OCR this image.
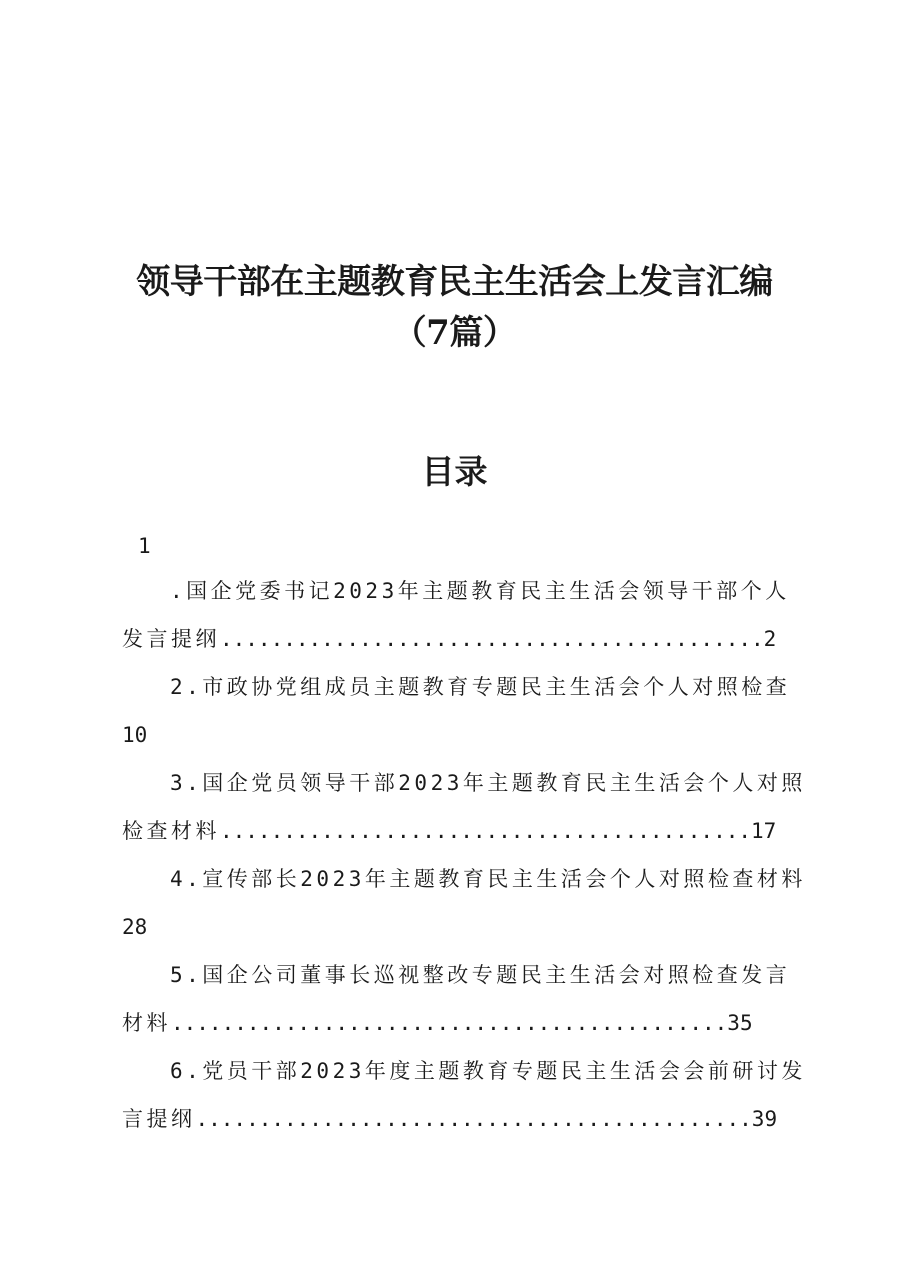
领导干部在主题教育民主生活会上发言汇编
（7篇）
目录
1
.国企党委书记2023年主题教育民主生活会领导干部个人
发言提纲...........................................2
2.市政协党组成员主题教育专题民主生活会个人对照检查
10
3.国企党员领导干部2023年主题教育民主生活会个人对照
检查材料..........................................17
4.宣传部长2023年主题教育民主生活会个人对照检查材料
28
5.国企公司董事长巡视整改专题民主生活会对照检查发言
材料............................................35
6.党员干部2023年度主题教育专题民主生活会会前研讨发
言提纲............................................39
